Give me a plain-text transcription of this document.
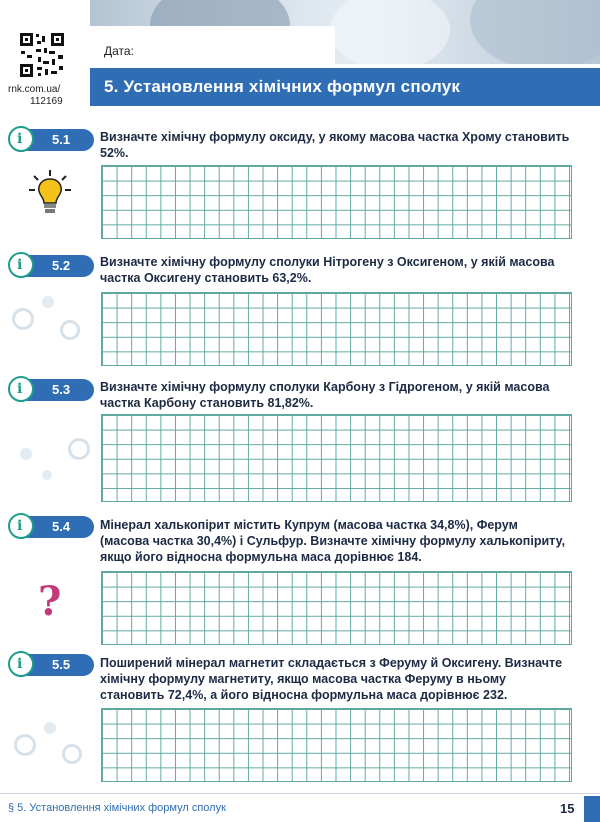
rnk.com.ua/
112169
Дата:
5. Установлення хімічних формул сполук
i 5.1 Визначте хімічну формулу оксиду, у якому масова частка Хрому становить 52%.
i 5.2 Визначте хімічну формулу сполуки Нітрогену з Оксигеном, у якій масова частка Оксигену становить 63,2%.
i 5.3 Визначте хімічну формулу сполуки Карбону з Гідрогеном, у якій масова частка Карбону становить 81,82%.
i 5.4 Мінерал халькопірит містить Купрум (масова частка 34,8%), Ферум (масова частка 30,4%) і Сульфур. Визначте хімічну формулу халькопіриту, якщо його відносна формульна маса дорівнює 184.
?
i 5.5 Поширений мінерал магнетит складається з Феруму й Оксигену. Визначте хімічну формулу магнетиту, якщо масова частка Феруму в ньому становить 72,4%, а його відносна формульна маса дорівнює 232.
§ 5. Установлення хімічних формул сполук	15
